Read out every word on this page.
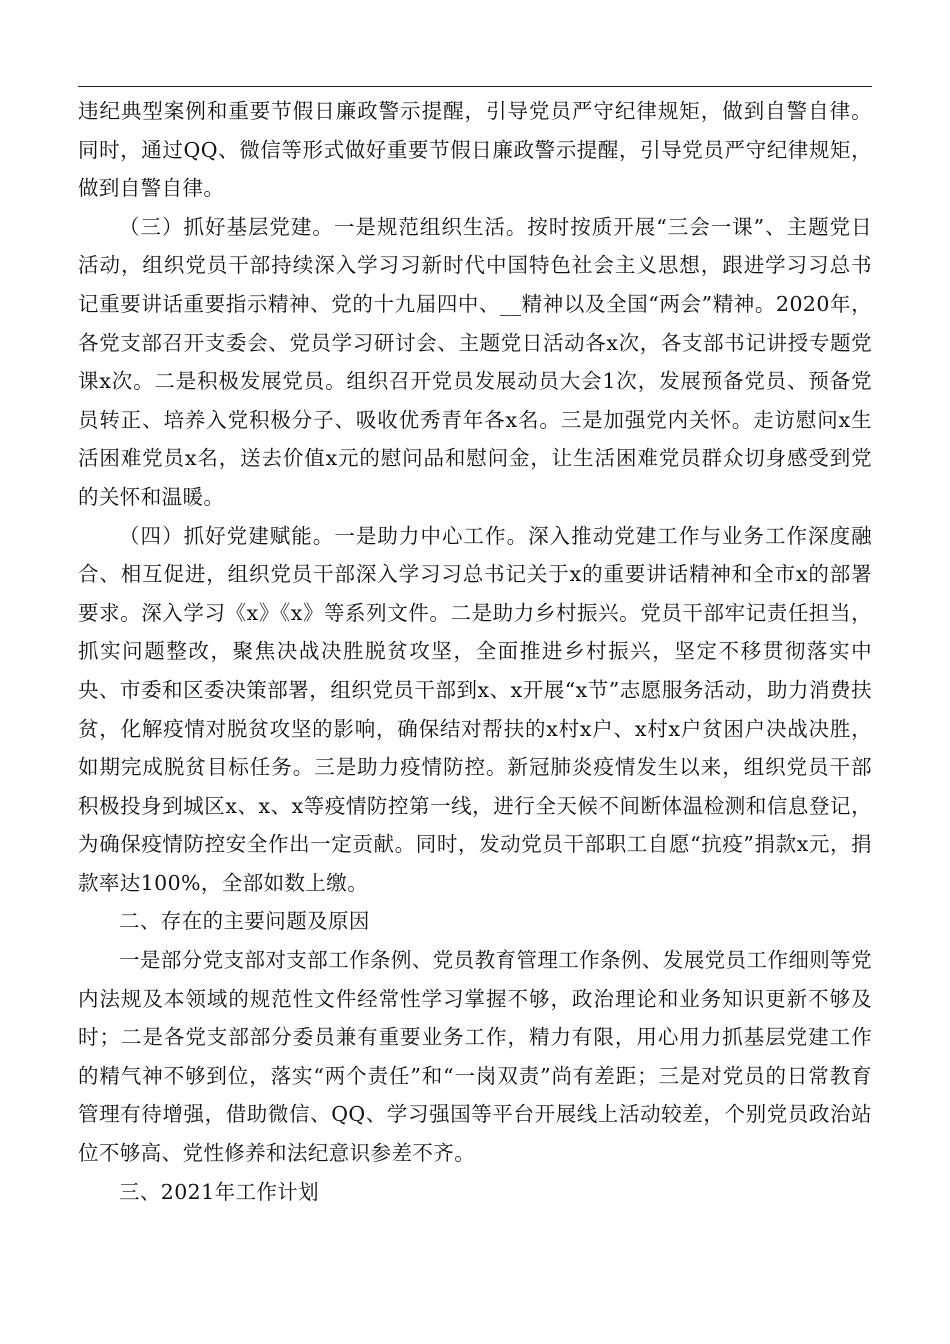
违纪典型案例和重要节假日廉政警示提醒，引导党员严守纪律规矩，做到自警自律。同时，通过QQ、微信等形式做好重要节假日廉政警示提醒，引导党员严守纪律规矩，做到自警自律。

（三）抓好基层党建。一是规范组织生活。按时按质开展“三会一课”、主题党日活动，组织党员干部持续深入学习习新时代中国特色社会主义思想，跟进学习习总书记重要讲话重要指示精神、党的十九届四中、__精神以及全国“两会”精神。2020年，各党支部召开支委会、党员学习研讨会、主题党日活动各x次，各支部书记讲授专题党课x次。二是积极发展党员。组织召开党员发展动员大会1次，发展预备党员、预备党员转正、培养入党积极分子、吸收优秀青年各x名。三是加强党内关怀。走访慰问x生活困难党员x名，送去价值x元的慰问品和慰问金，让生活困难党员群众切身感受到党的关怀和温暖。

（四）抓好党建赋能。一是助力中心工作。深入推动党建工作与业务工作深度融合、相互促进，组织党员干部深入学习习总书记关于x的重要讲话精神和全市x的部署要求。深入学习《x》《x》等系列文件。二是助力乡村振兴。党员干部牢记责任担当，抓实问题整改，聚焦决战决胜脱贫攻坚，全面推进乡村振兴，坚定不移贯彻落实中央、市委和区委决策部署，组织党员干部到x、x开展“x节”志愿服务活动，助力消费扶贫，化解疫情对脱贫攻坚的影响，确保结对帮扶的x村x户、x村x户贫困户决战决胜，如期完成脱贫目标任务。三是助力疫情防控。新冠肺炎疫情发生以来，组织党员干部积极投身到城区x、x、x等疫情防控第一线，进行全天候不间断体温检测和信息登记，为确保疫情防控安全作出一定贡献。同时，发动党员干部职工自愿“抗疫”捐款x元，捐款率达100%，全部如数上缴。

二、存在的主要问题及原因

一是部分党支部对支部工作条例、党员教育管理工作条例、发展党员工作细则等党内法规及本领域的规范性文件经常性学习掌握不够，政治理论和业务知识更新不够及时；二是各党支部部分委员兼有重要业务工作，精力有限，用心用力抓基层党建工作的精气神不够到位，落实“两个责任”和“一岗双责”尚有差距；三是对党员的日常教育管理有待增强，借助微信、QQ、学习强国等平台开展线上活动较差，个别党员政治站位不够高、党性修养和法纪意识参差不齐。

三、2021年工作计划
